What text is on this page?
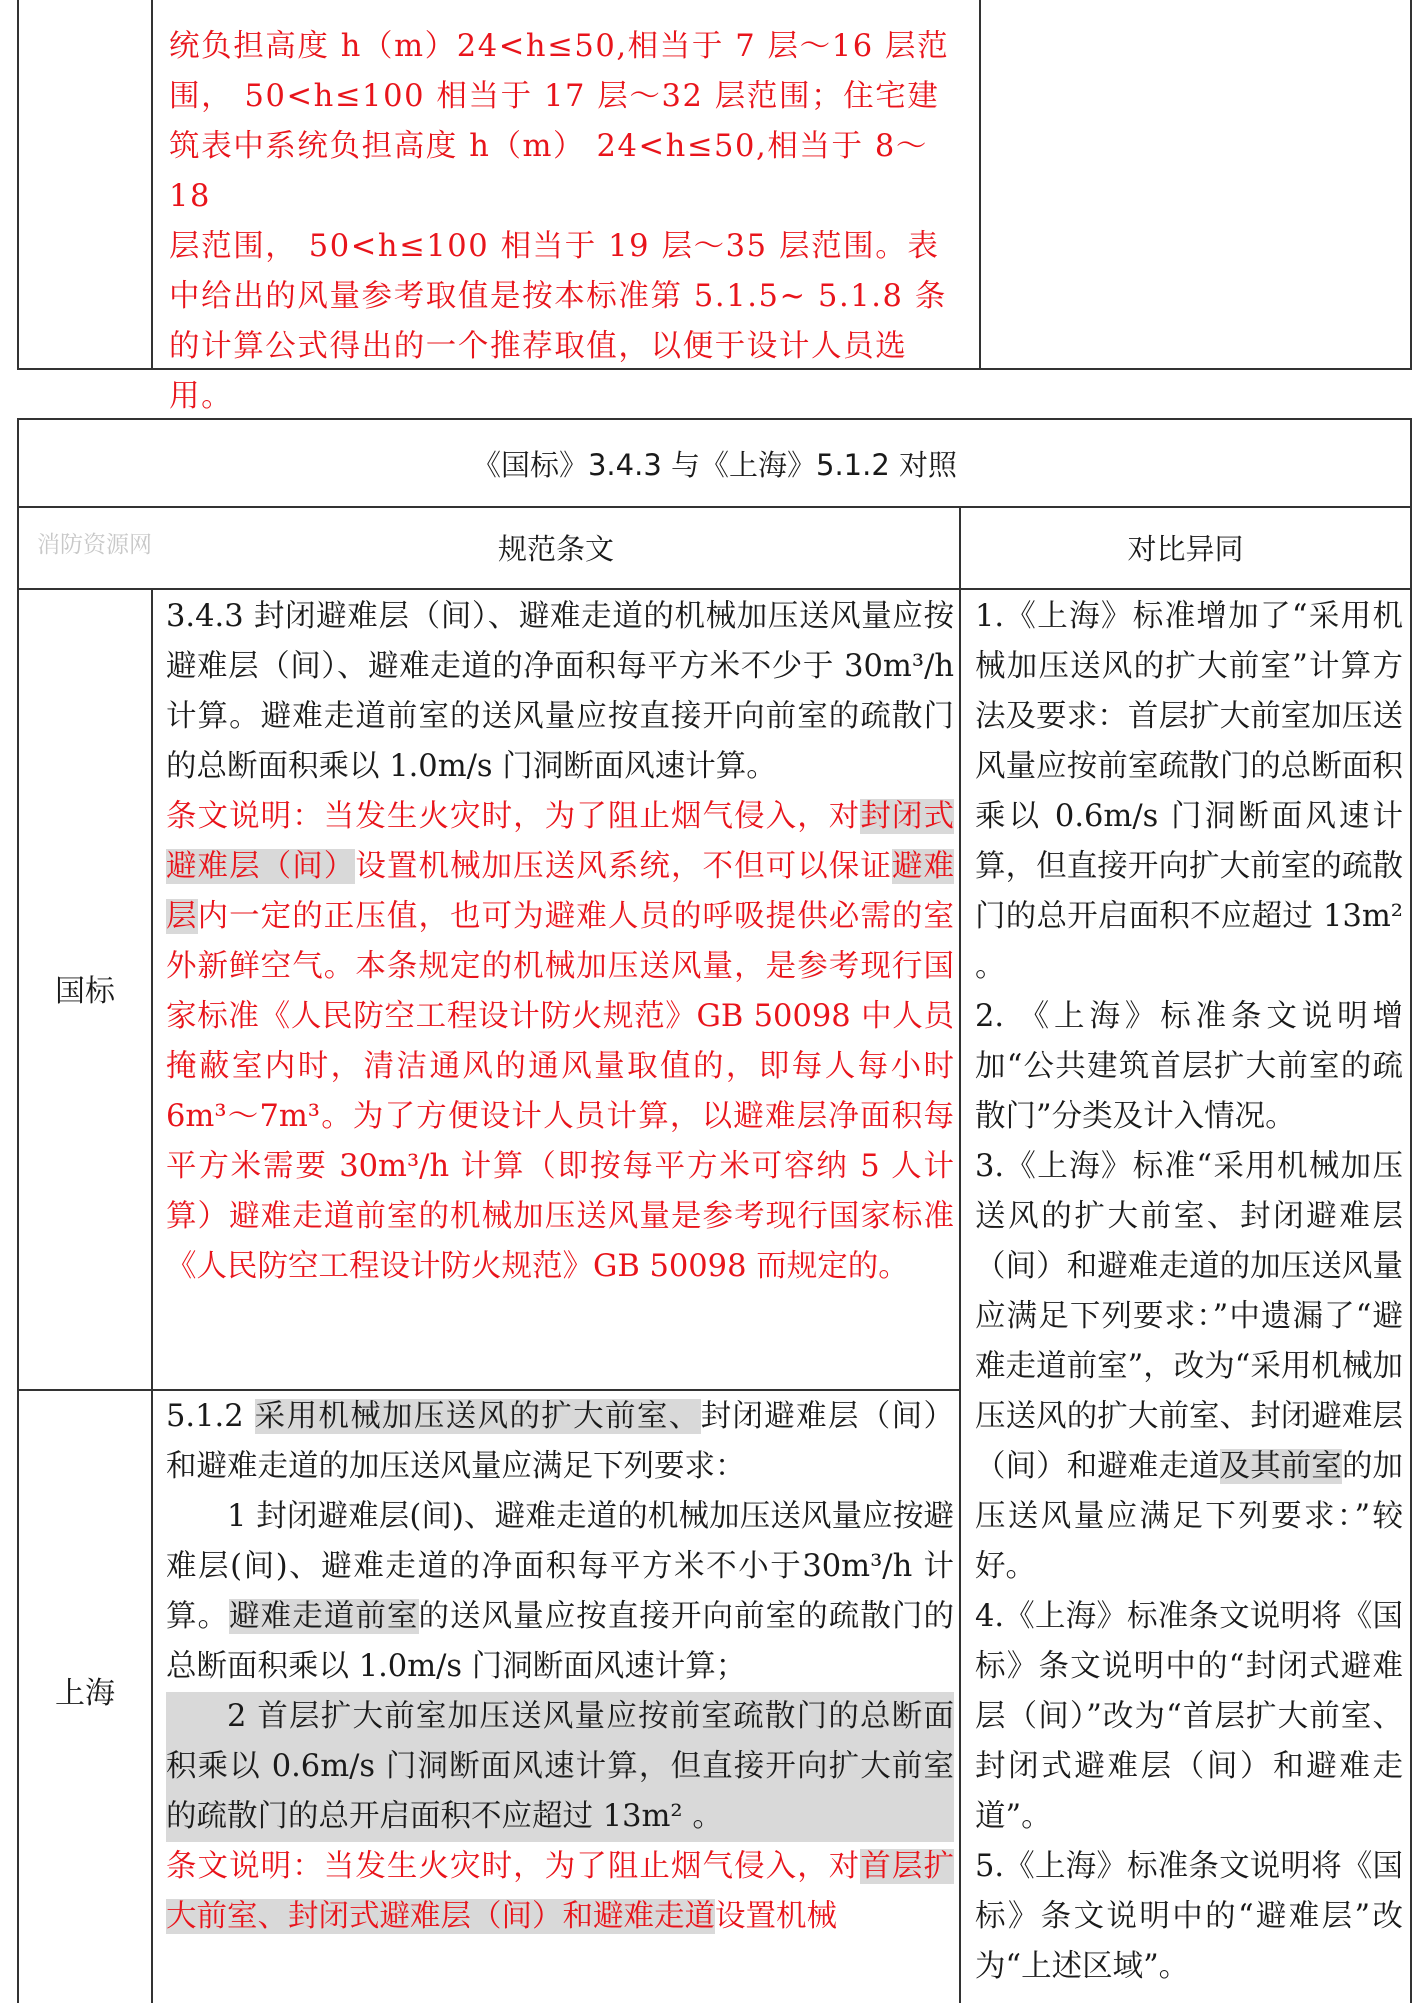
统负担高度 h（m）24<h≤50,相当于 7 层～16 层范
围， 50<h≤100 相当于 17 层～32 层范围；住宅建
筑表中系统负担高度 h（m） 24<h≤50,相当于 8～18
层范围， 50<h≤100 相当于 19 层～35 层范围。表
中给出的风量参考取值是按本标准第 5.1.5~ 5.1.8 条
的计算公式得出的一个推荐取值，以便于设计人员选
用。
《国标》3.4.3 与《上海》5.1.2 对照
消防资源网	规范条文	对比异同
国标
上海
3.4.3 封闭避难层（间）、避难走道的机械加压送风量应按避难层（间）、避难走道的净面积每平方米不少于 30m³/h 计算。避难走道前室的送风量应按直接开向前室的疏散门的总断面积乘以 1.0m/s 门洞断面风速计算。
条文说明：当发生火灾时，为了阻止烟气侵入，对封闭式避难层（间）设置机械加压送风系统，不但可以保证避难层内一定的正压值，也可为避难人员的呼吸提供必需的室外新鲜空气。本条规定的机械加压送风量，是参考现行国家标准《人民防空工程设计防火规范》GB 50098 中人员掩蔽室内时，清洁通风的通风量取值的，即每人每小时 6m³～7m³。为了方便设计人员计算，以避难层净面积每平方米需要 30m³/h 计算（即按每平方米可容纳 5 人计算）避难走道前室的机械加压送风量是参考现行国家标准《人民防空工程设计防火规范》GB 50098 而规定的。
5.1.2 采用机械加压送风的扩大前室、封闭避难层（间）和避难走道的加压送风量应满足下列要求：
1 封闭避难层(间)、避难走道的机械加压送风量应按避难层(间)、避难走道的净面积每平方米不小于30m³/h 计算。避难走道前室的送风量应按直接开向前室的疏散门的总断面积乘以 1.0m/s 门洞断面风速计算；
2 首层扩大前室加压送风量应按前室疏散门的总断面积乘以 0.6m/s 门洞断面风速计算，但直接开向扩大前室的疏散门的总开启面积不应超过 13m² 。
条文说明：当发生火灾时，为了阻止烟气侵入，对首层扩大前室、封闭式避难层（间）和避难走道设置机械
1.《上海》标准增加了“采用机械加压送风的扩大前室”计算方法及要求：首层扩大前室加压送风量应按前室疏散门的总断面积乘以 0.6m/s 门洞断面风速计算，但直接开向扩大前室的疏散门的总开启面积不应超过 13m² 。
2. 《上海》标准条文说明增加“公共建筑首层扩大前室的疏散门”分类及计入情况。
3.《上海》标准“采用机械加压送风的扩大前室、封闭避难层（间）和避难走道的加压送风量应满足下列要求：”中遗漏了“避难走道前室”，改为“采用机械加压送风的扩大前室、封闭避难层（间）和避难走道及其前室的加压送风量应满足下列要求：”较好。
4.《上海》标准条文说明将《国标》条文说明中的“封闭式避难层（间）”改为“首层扩大前室、封闭式避难层（间）和避难走道”。
5.《上海》标准条文说明将《国标》条文说明中的“避难层”改为“上述区域”。
